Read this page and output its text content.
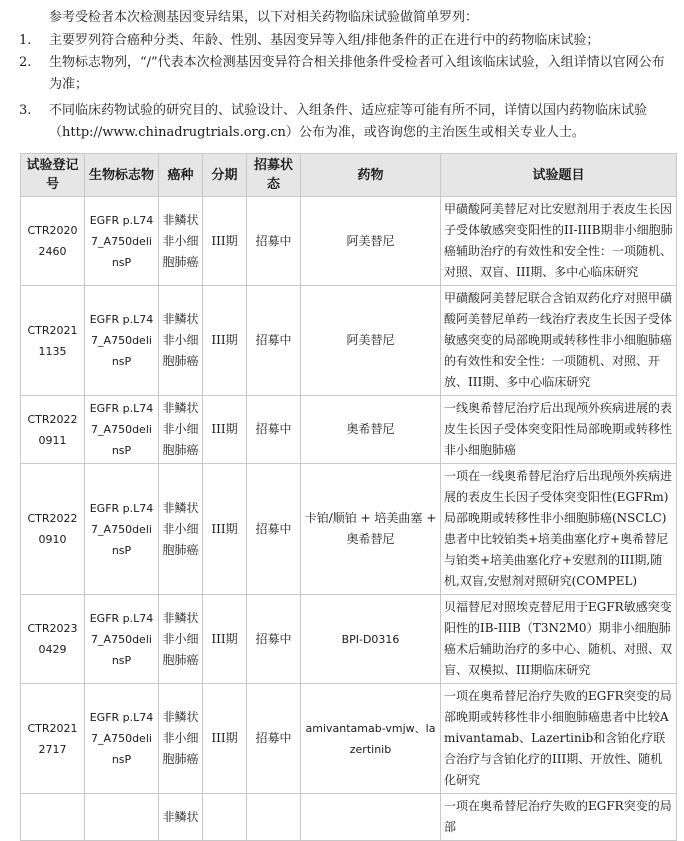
参考受检者本次检测基因变异结果，以下对相关药物临床试验做简单罗列：
1.	主要罗列符合癌种分类、年龄、性别、基因变异等入组/排他条件的正在进行中的药物临床试验；
2.	生物标志物列，“/”代表本次检测基因变异符合相关排他条件受检者可入组该临床试验，入组详情以官网公布为准；
3.	不同临床药物试验的研究目的、试验设计、入组条件、适应症等可能有所不同，详情以国内药物临床试验（http://www.chinadrugtrials.org.cn）公布为准，或咨询您的主治医生或相关专业人士。
试验登记号	生物标志物	癌种	分期	招募状态	药物	试验题目
CTR20202460	EGFR p.L747_A750delinsP	非鳞状非小细胞肺癌	III期	招募中	阿美替尼	甲磺酸阿美替尼对比安慰剂用于表皮生长因子受体敏感突变阳性的II-IIIB期非小细胞肺癌辅助治疗的有效性和安全性：一项随机、对照、双盲、III期、多中心临床研究
CTR20211135	EGFR p.L747_A750delinsP	非鳞状非小细胞肺癌	III期	招募中	阿美替尼	甲磺酸阿美替尼联合含铂双药化疗对照甲磺酸阿美替尼单药一线治疗表皮生长因子受体敏感突变的局部晚期或转移性非小细胞肺癌的有效性和安全性：一项随机、对照、开放、III期、多中心临床研究
CTR20220911	EGFR p.L747_A750delinsP	非鳞状非小细胞肺癌	III期	招募中	奥希替尼	一线奥希替尼治疗后出现颅外疾病进展的表皮生长因子受体突变阳性局部晚期或转移性非小细胞肺癌
CTR20220910	EGFR p.L747_A750delinsP	非鳞状非小细胞肺癌	III期	招募中	卡铂/顺铂 + 培美曲塞 + 奥希替尼	一项在一线奥希替尼治疗后出现颅外疾病进展的表皮生长因子受体突变阳性(EGFRm)局部晚期或转移性非小细胞肺癌(NSCLC)患者中比较铂类+培美曲塞化疗+奥希替尼与铂类+培美曲塞化疗+安慰剂的III期,随机,双盲,安慰剂对照研究(COMPEL)
CTR20230429	EGFR p.L747_A750delinsP	非鳞状非小细胞肺癌	III期	招募中	BPI-D0316	贝福替尼对照埃克替尼用于EGFR敏感突变阳性的IB-IIIB（T3N2M0）期非小细胞肺癌术后辅助治疗的多中心、随机、对照、双盲、双模拟、III期临床研究
CTR20212717	EGFR p.L747_A750delinsP	非鳞状非小细胞肺癌	III期	招募中	amivantamab-vmjw、lazertinib	一项在奥希替尼治疗失败的EGFR突变的局部晚期或转移性非小细胞肺癌患者中比较Amivantamab、Lazertinib和含铂化疗联合治疗与含铂化疗的III期、开放性、随机化研究
		非鳞状				一项在奥希替尼治疗失败的EGFR突变的局部
